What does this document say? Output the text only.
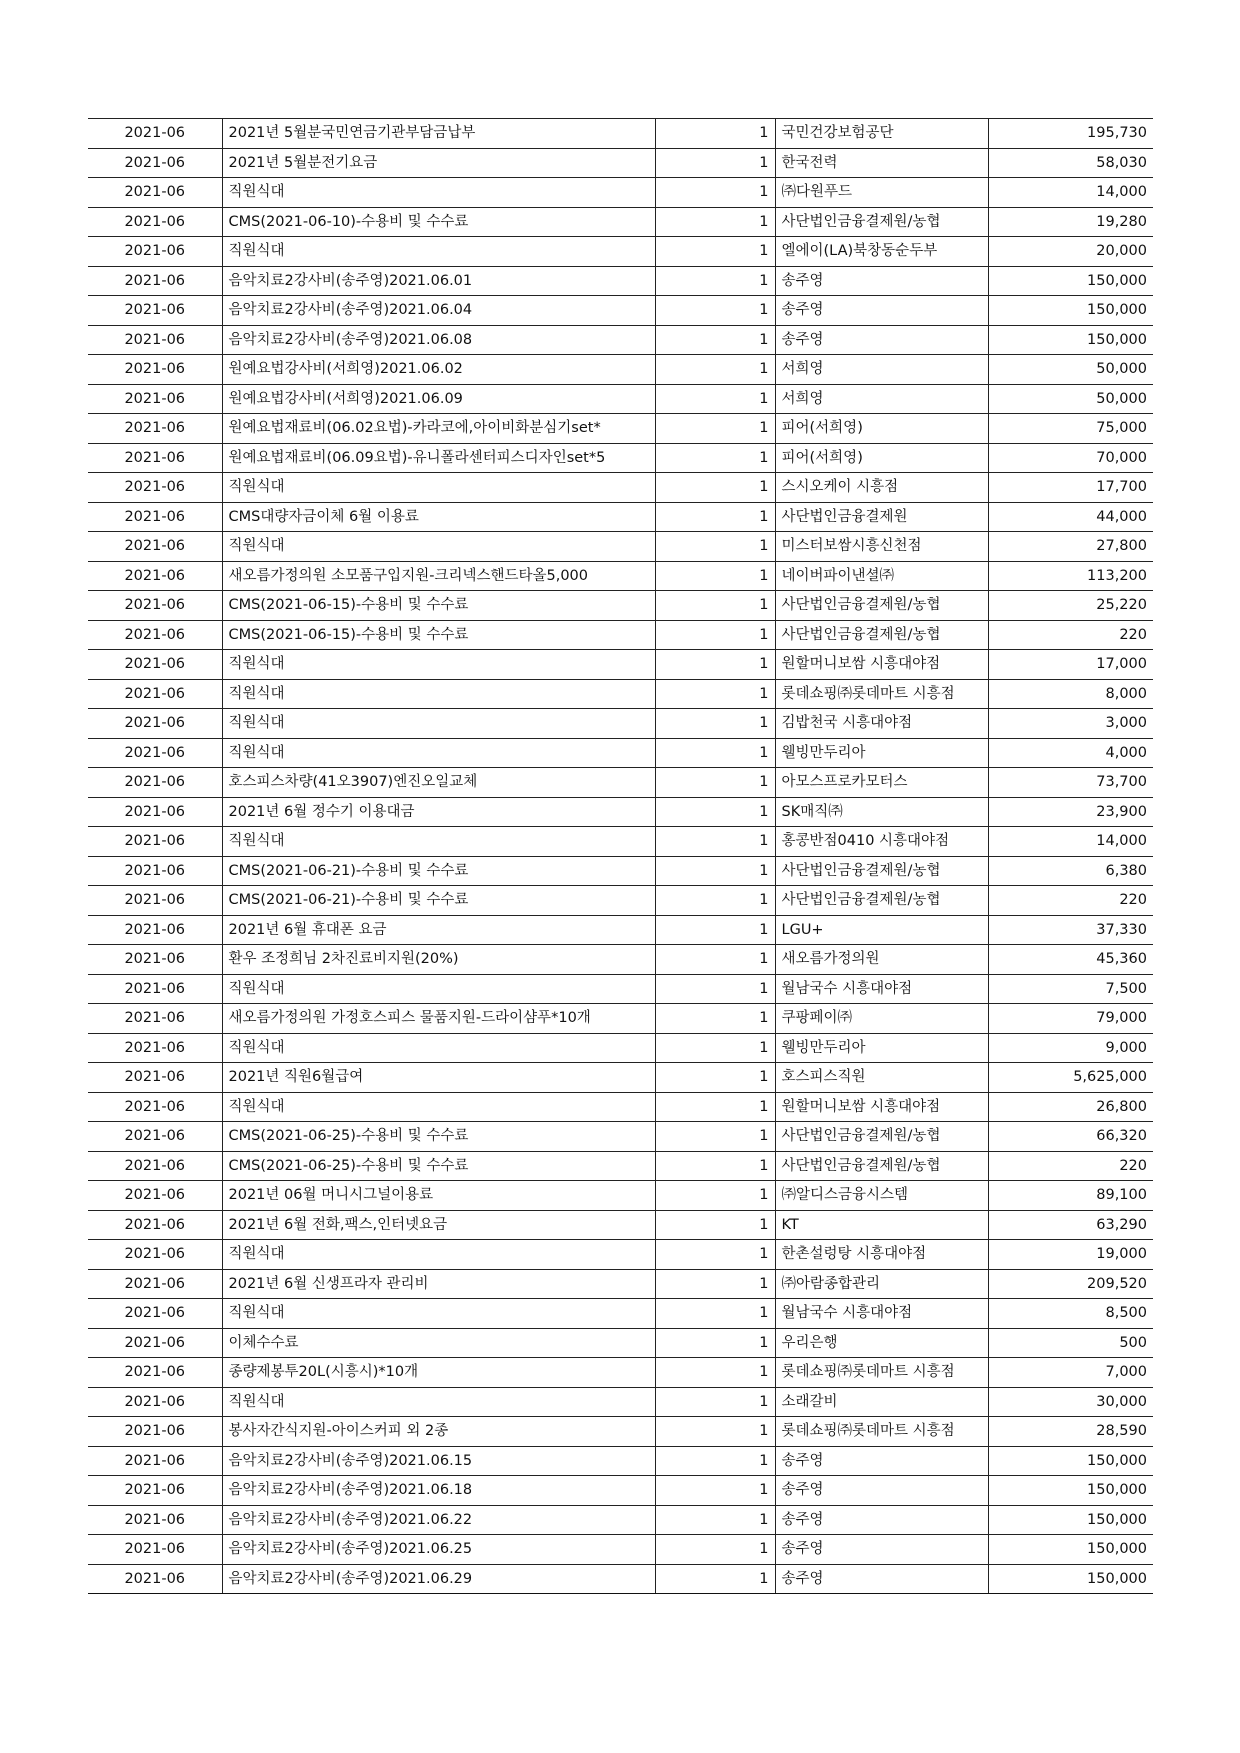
2021-06	2021년 5월분국민연금기관부담금납부	1	국민건강보험공단	195,730
2021-06	2021년 5월분전기요금	1	한국전력	58,030
2021-06	직원식대	1	㈜다원푸드	14,000
2021-06	CMS(2021-06-10)-수용비 및 수수료	1	사단법인금융결제원/농협	19,280
2021-06	직원식대	1	엘에이(LA)북창동순두부	20,000
2021-06	음악치료2강사비(송주영)2021.06.01	1	송주영	150,000
2021-06	음악치료2강사비(송주영)2021.06.04	1	송주영	150,000
2021-06	음악치료2강사비(송주영)2021.06.08	1	송주영	150,000
2021-06	원예요법강사비(서희영)2021.06.02	1	서희영	50,000
2021-06	원예요법강사비(서희영)2021.06.09	1	서희영	50,000
2021-06	원예요법재료비(06.02요법)-카라코에,아이비화분심기set*	1	피어(서희영)	75,000
2021-06	원예요법재료비(06.09요법)-유니폴라센터피스디자인set*5	1	피어(서희영)	70,000
2021-06	직원식대	1	스시오케이 시흥점	17,700
2021-06	CMS대량자금이체 6월 이용료	1	사단법인금융결제원	44,000
2021-06	직원식대	1	미스터보쌈시흥신천점	27,800
2021-06	새오름가정의원 소모품구입지원-크리넥스핸드타올5,000	1	네이버파이낸셜㈜	113,200
2021-06	CMS(2021-06-15)-수용비 및 수수료	1	사단법인금융결제원/농협	25,220
2021-06	CMS(2021-06-15)-수용비 및 수수료	1	사단법인금융결제원/농협	220
2021-06	직원식대	1	원할머니보쌈 시흥대야점	17,000
2021-06	직원식대	1	롯데쇼핑㈜롯데마트 시흥점	8,000
2021-06	직원식대	1	김밥천국 시흥대야점	3,000
2021-06	직원식대	1	웰빙만두리아	4,000
2021-06	호스피스차량(41오3907)엔진오일교체	1	아모스프로카모터스	73,700
2021-06	2021년 6월 정수기 이용대금	1	SK매직㈜	23,900
2021-06	직원식대	1	홍콩반점0410 시흥대야점	14,000
2021-06	CMS(2021-06-21)-수용비 및 수수료	1	사단법인금융결제원/농협	6,380
2021-06	CMS(2021-06-21)-수용비 및 수수료	1	사단법인금융결제원/농협	220
2021-06	2021년 6월 휴대폰 요금	1	LGU+	37,330
2021-06	환우 조정희님 2차진료비지원(20%)	1	새오름가정의원	45,360
2021-06	직원식대	1	월남국수 시흥대야점	7,500
2021-06	새오름가정의원 가정호스피스 물품지원-드라이샴푸*10개	1	쿠팡페이㈜	79,000
2021-06	직원식대	1	웰빙만두리아	9,000
2021-06	2021년 직원6월급여	1	호스피스직원	5,625,000
2021-06	직원식대	1	원할머니보쌈 시흥대야점	26,800
2021-06	CMS(2021-06-25)-수용비 및 수수료	1	사단법인금융결제원/농협	66,320
2021-06	CMS(2021-06-25)-수용비 및 수수료	1	사단법인금융결제원/농협	220
2021-06	2021년 06월 머니시그널이용료	1	㈜알디스금융시스템	89,100
2021-06	2021년 6월 전화,팩스,인터넷요금	1	KT	63,290
2021-06	직원식대	1	한촌설렁탕 시흥대야점	19,000
2021-06	2021년 6월 신생프라자 관리비	1	㈜아람종합관리	209,520
2021-06	직원식대	1	월남국수 시흥대야점	8,500
2021-06	이체수수료	1	우리은행	500
2021-06	종량제봉투20L(시흥시)*10개	1	롯데쇼핑㈜롯데마트 시흥점	7,000
2021-06	직원식대	1	소래갈비	30,000
2021-06	봉사자간식지원-아이스커피 외 2종	1	롯데쇼핑㈜롯데마트 시흥점	28,590
2021-06	음악치료2강사비(송주영)2021.06.15	1	송주영	150,000
2021-06	음악치료2강사비(송주영)2021.06.18	1	송주영	150,000
2021-06	음악치료2강사비(송주영)2021.06.22	1	송주영	150,000
2021-06	음악치료2강사비(송주영)2021.06.25	1	송주영	150,000
2021-06	음악치료2강사비(송주영)2021.06.29	1	송주영	150,000
